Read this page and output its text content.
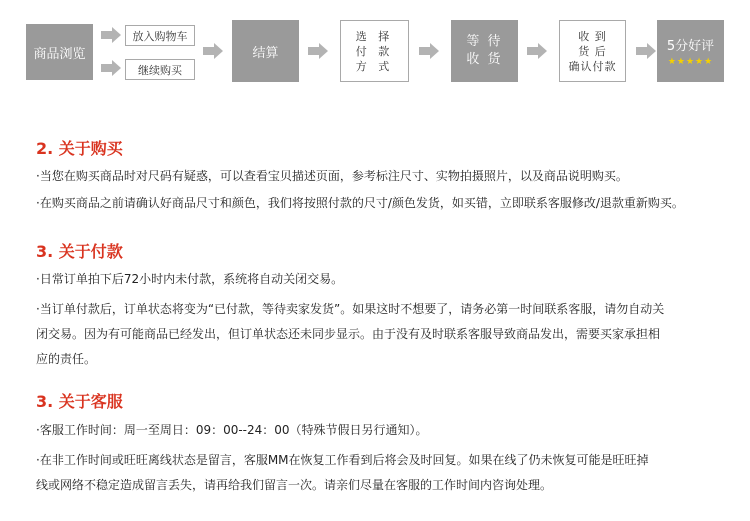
商品浏览
放入购物车
继续购买
结算
选 择
付 款
方 式
等 待
收 货
收 到
货 后
确认付款
5分好评
★★★★★
2. 关于购买
·当您在购买商品时对尺码有疑惑，可以查看宝贝描述页面，参考标注尺寸、实物拍摄照片，以及商品说明购买。
·在购买商品之前请确认好商品尺寸和颜色，我们将按照付款的尺寸/颜色发货，如买错，立即联系客服修改/退款重新购买。
3. 关于付款
·日常订单拍下后72小时内未付款，系统将自动关闭交易。
·当订单付款后，订单状态将变为“已付款，等待卖家发货”。如果这时不想要了，请务必第一时间联系客服，请勿自动关
闭交易。因为有可能商品已经发出，但订单状态还未同步显示。由于没有及时联系客服导致商品发出，需要买家承担相
应的责任。
3. 关于客服
·客服工作时间：周一至周日：09：00--24：00（特殊节假日另行通知）。
·在非工作时间或旺旺离线状态是留言，客服MM在恢复工作看到后将会及时回复。如果在线了仍未恢复可能是旺旺掉
线或网络不稳定造成留言丢失，请再给我们留言一次。请亲们尽量在客服的工作时间内咨询处理。
